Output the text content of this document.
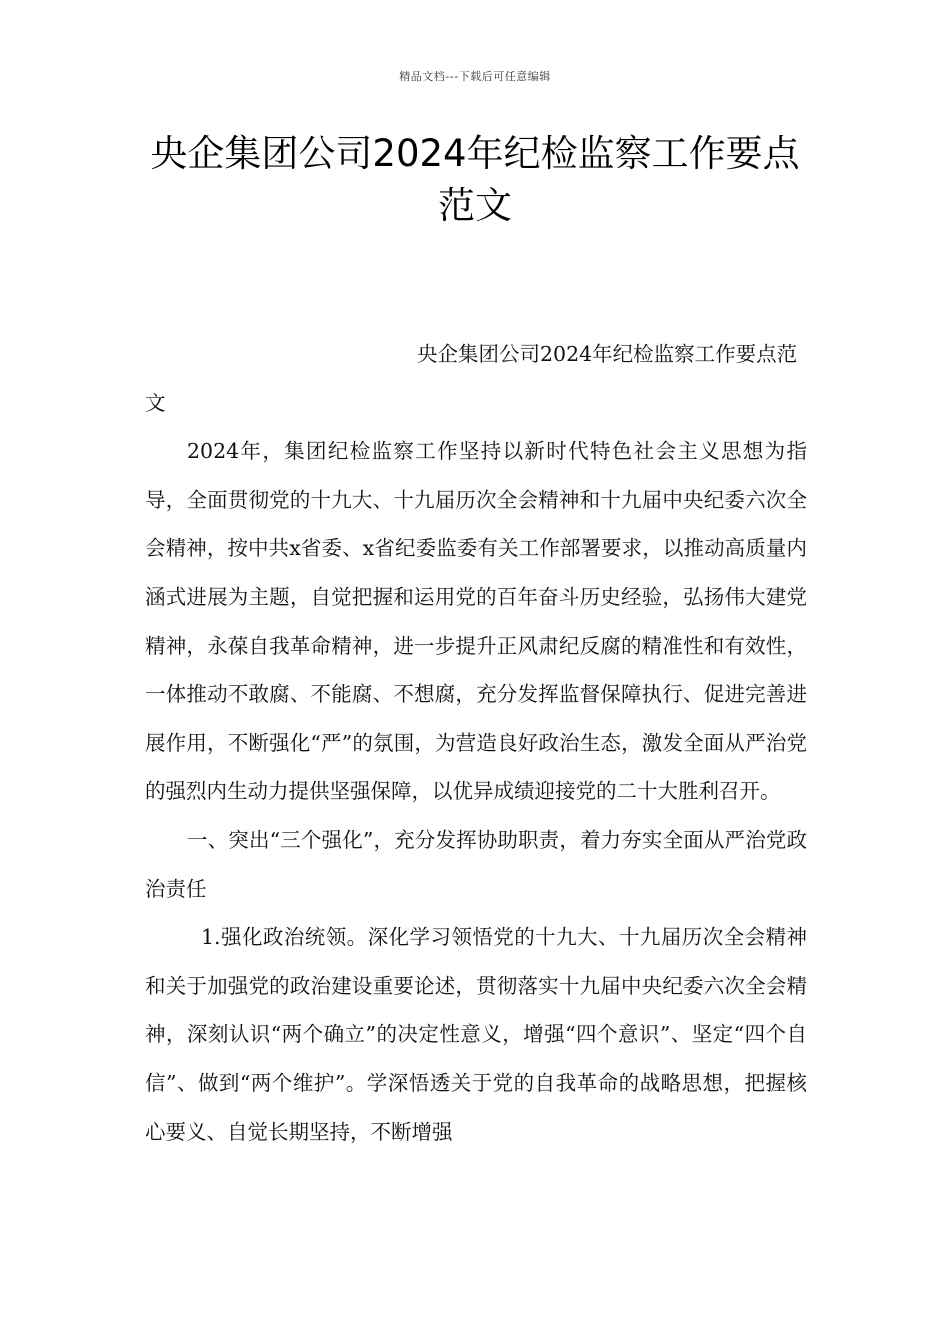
精品文档---下载后可任意编辑
央企集团公司2024年纪检监察工作要点范文

央企集团公司2024年纪检监察工作要点范文

2024年，集团纪检监察工作坚持以新时代特色社会主义思想为指导，全面贯彻党的十九大、十九届历次全会精神和十九届中央纪委六次全会精神，按中共x省委、x省纪委监委有关工作部署要求，以推动高质量内涵式进展为主题，自觉把握和运用党的百年奋斗历史经验，弘扬伟大建党精神，永葆自我革命精神，进一步提升正风肃纪反腐的精准性和有效性，一体推动不敢腐、不能腐、不想腐，充分发挥监督保障执行、促进完善进展作用，不断强化“严”的氛围，为营造良好政治生态，激发全面从严治党的强烈内生动力提供坚强保障，以优异成绩迎接党的二十大胜利召开。

一、突出“三个强化”，充分发挥协助职责，着力夯实全面从严治党政治责任

1.强化政治统领。深化学习领悟党的十九大、十九届历次全会精神和关于加强党的政治建设重要论述，贯彻落实十九届中央纪委六次全会精神，深刻认识“两个确立”的决定性意义，增强“四个意识”、坚定“四个自信”、做到“两个维护”。学深悟透关于党的自我革命的战略思想，把握核心要义、自觉长期坚持，不断增强
